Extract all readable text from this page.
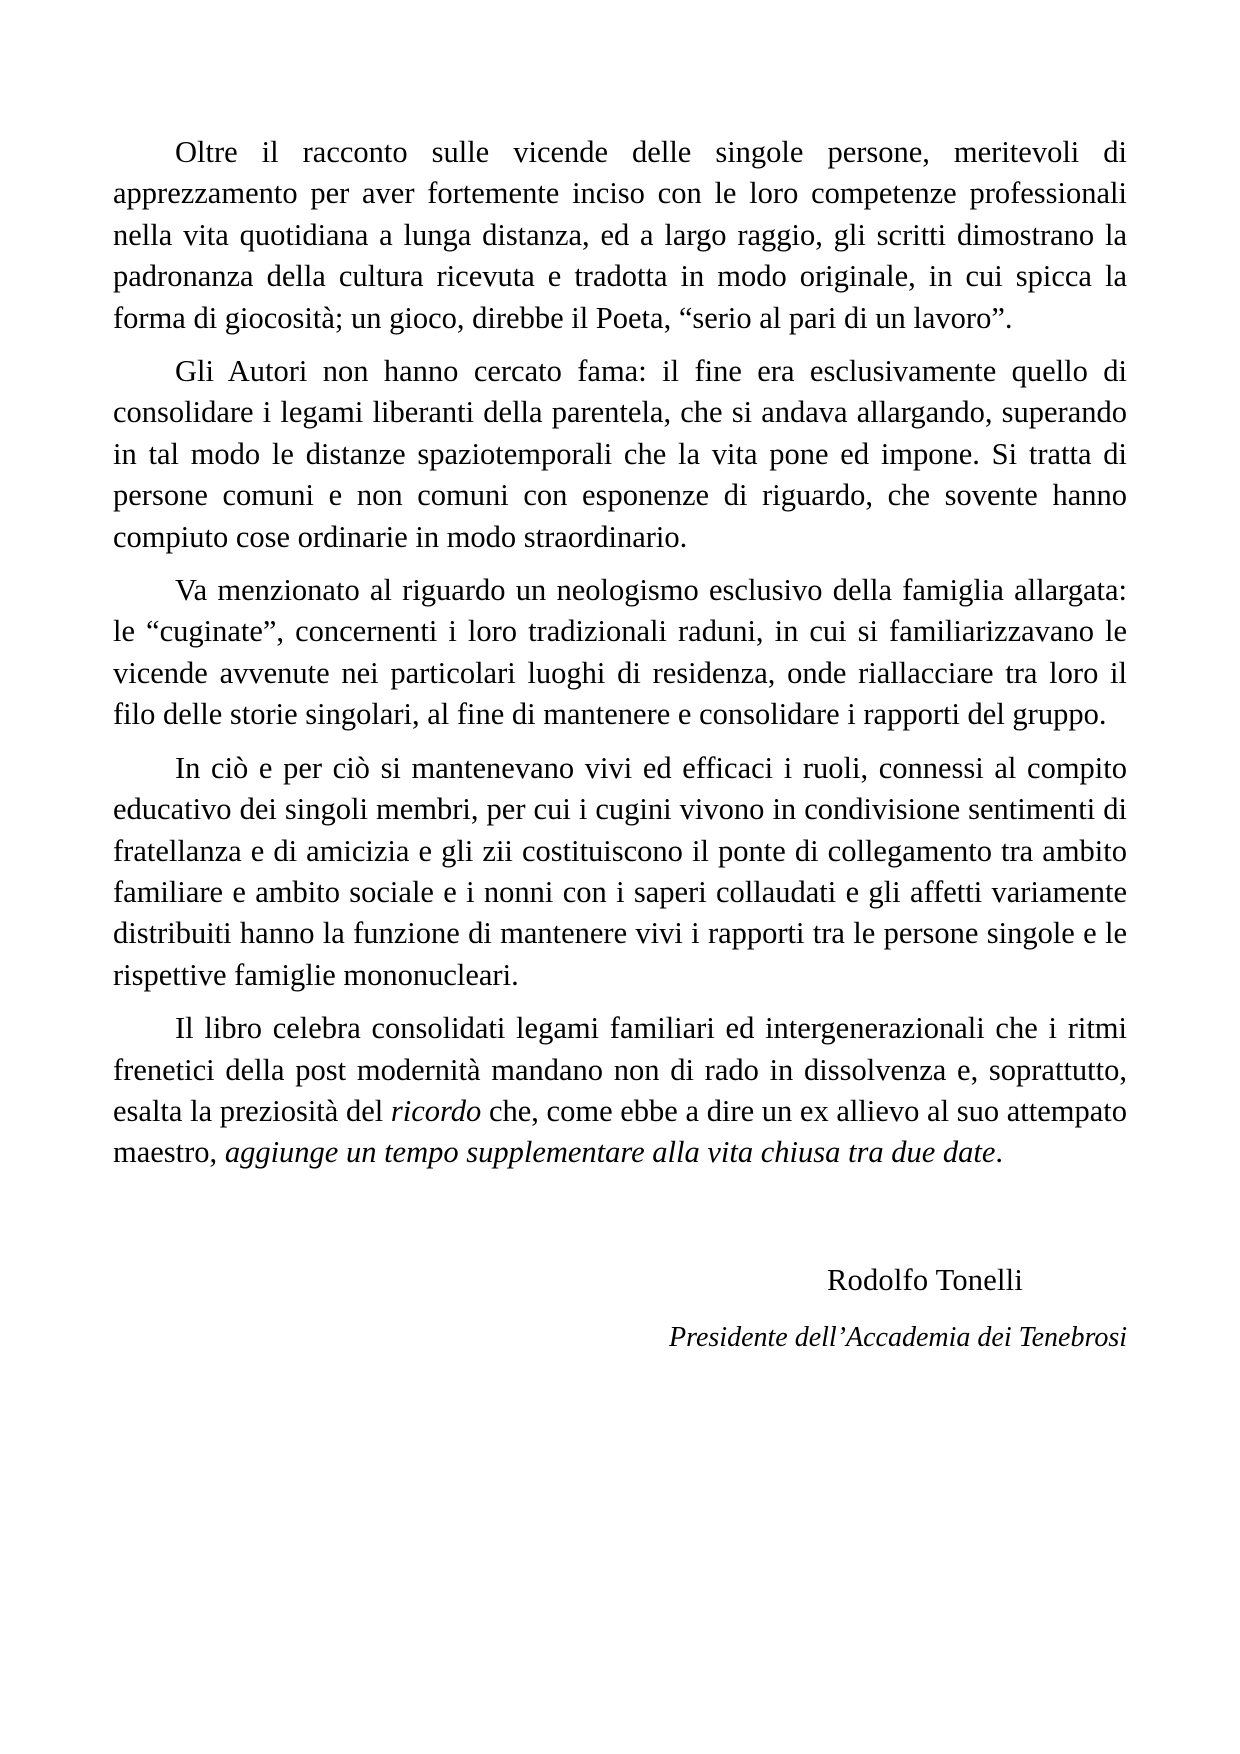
Oltre il racconto sulle vicende delle singole persone, meritevoli di apprezzamento per aver fortemente inciso con le loro competenze professionali nella vita quotidiana a lunga distanza, ed a largo raggio, gli scritti dimostrano la padronanza della cultura ricevuta e tradotta in modo originale, in cui spicca la forma di giocosità; un gioco, direbbe il Poeta, “serio al pari di un lavoro”.

Gli Autori non hanno cercato fama: il fine era esclusivamente quello di consolidare i legami liberanti della parentela, che si andava allargando, superando in tal modo le distanze spaziotemporali che la vita pone ed impone. Si tratta di persone comuni e non comuni con esponenze di riguardo, che sovente hanno compiuto cose ordinarie in modo straordinario.

Va menzionato al riguardo un neologismo esclusivo della famiglia allargata: le “cuginate”, concernenti i loro tradizionali raduni, in cui si familiarizzavano le vicende avvenute nei particolari luoghi di residenza, onde riallacciare tra loro il filo delle storie singolari, al fine di mantenere e consolidare i rapporti del gruppo.

In ciò e per ciò si mantenevano vivi ed efficaci i ruoli, connessi al compito educativo dei singoli membri, per cui i cugini vivono in condivisione sentimenti di fratellanza e di amicizia e gli zii costituiscono il ponte di collegamento tra ambito familiare e ambito sociale e i nonni con i saperi collaudati e gli affetti variamente distribuiti hanno la funzione di mantenere vivi i rapporti tra le persone singole e le rispettive famiglie mononucleari.

Il libro celebra consolidati legami familiari ed intergenerazionali che i ritmi frenetici della post modernità mandano non di rado in dissolvenza e, soprattutto, esalta la preziosità del ricordo che, come ebbe a dire un ex allievo al suo attempato maestro, aggiunge un tempo supplementare alla vita chiusa tra due date.

Rodolfo Tonelli
Presidente dell’Accademia dei Tenebrosi
